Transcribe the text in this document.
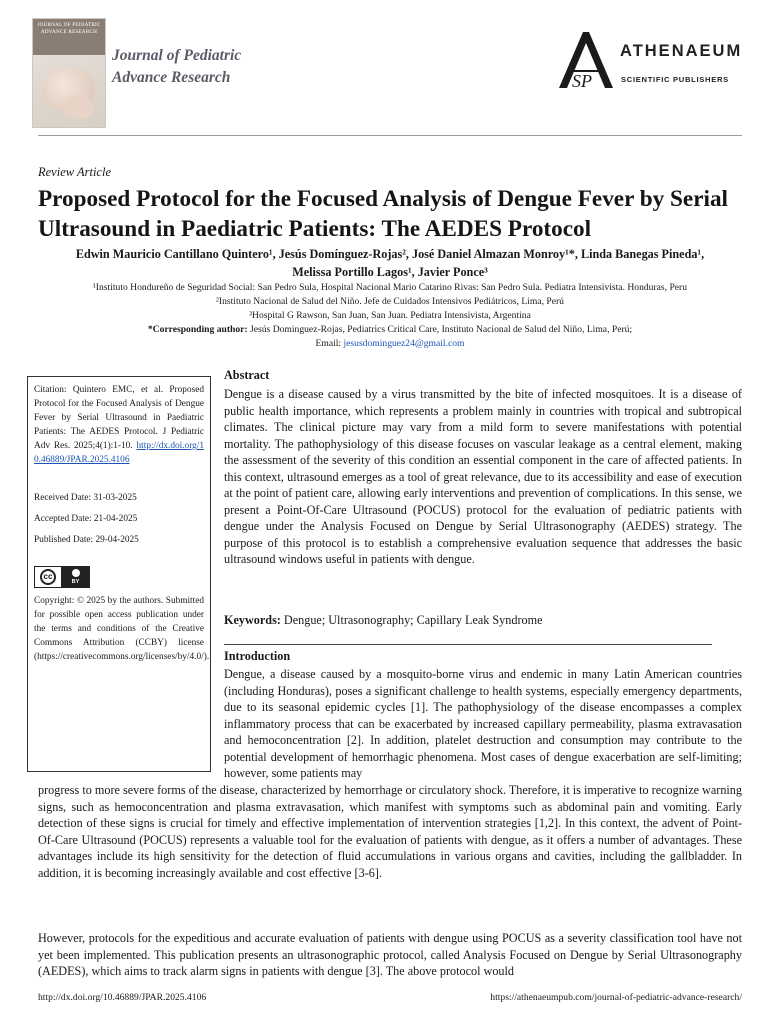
JOURNAL OF PEDIATRIC ADVANCE RESEARCH
Journal of Pediatric
Advance Research	SP
ATHENAEUM
SCIENTIFIC PUBLISHERS
Review Article
Proposed Protocol for the Focused Analysis of Dengue Fever by Serial Ultrasound in Paediatric Patients: The AEDES Protocol
Edwin Mauricio Cantillano Quintero¹, Jesús Domínguez-Rojas², José Daniel Almazan Monroy¹*, Linda Banegas Pineda¹,
Melissa Portillo Lagos¹, Javier Ponce³
¹Instituto Hondureño de Seguridad Social: San Pedro Sula, Hospital Nacional Mario Catarino Rivas: San Pedro Sula. Pediatra Intensivista. Honduras, Peru
²Instituto Nacional de Salud del Niño. Jefe de Cuidados Intensivos Pediátricos, Lima, Perú
³Hospital G Rawson, San Juan, San Juan. Pediatra Intensivista, Argentina
*Corresponding author: Jesús Dominguez-Rojas, Pediatrics Critical Care, Instituto Nacional de Salud del Niño, Lima, Perú;
Email: jesusdominguez24@gmail.com

Citation: Quintero EMC, et al. Proposed Protocol for the Focused Analysis of Dengue Fever by Serial Ultrasound in Paediatric Patients: The AEDES Protocol. J Pediatric Adv Res. 2025;4(1):1-10. http://dx.doi.org/10.46889/JPAR.2025.4106

Received Date: 31-03-2025
Accepted Date: 21-04-2025
Published Date: 29-04-2025
cc
BY

Copyright: © 2025 by the authors. Submitted for possible open access publication under the terms and conditions of the Creative Commons Attribution (CCBY) license (https://creativecommons.org/licenses/by/4.0/).

Abstract
Dengue is a disease caused by a virus transmitted by the bite of infected mosquitoes. It is a disease of public health importance, which represents a problem mainly in countries with tropical and subtropical climates. The clinical picture may vary from a mild form to severe manifestations with potential mortality. The pathophysiology of this disease focuses on vascular leakage as a central element, making the assessment of the severity of this condition an essential component in the care of affected patients. In this context, ultrasound emerges as a tool of great relevance, due to its accessibility and ease of execution at the point of patient care, allowing early interventions and prevention of complications. In this sense, we present a Point-Of-Care Ultrasound (POCUS) protocol for the evaluation of pediatric patients with dengue under the Analysis Focused on Dengue by Serial Ultrasonography (AEDES) strategy. The purpose of this protocol is to establish a comprehensive evaluation sequence that addresses the basic ultrasound windows useful in patients with dengue.
Keywords: Dengue; Ultrasonography; Capillary Leak Syndrome
Introduction
Dengue, a disease caused by a mosquito-borne virus and endemic in many Latin American countries (including Honduras), poses a significant challenge to health systems, especially emergency departments, due to its seasonal epidemic cycles [1]. The pathophysiology of the disease encompasses a complex inflammatory process that can be exacerbated by increased capillary permeability, plasma extravasation and hemoconcentration [2]. In addition, platelet destruction and consumption may contribute to the potential development of hemorrhagic phenomena. Most cases of dengue exacerbation are self-limiting; however, some patients may
progress to more severe forms of the disease, characterized by hemorrhage or circulatory shock. Therefore, it is imperative to recognize warning signs, such as hemoconcentration and plasma extravasation, which manifest with symptoms such as abdominal pain and vomiting. Early detection of these signs is crucial for timely and effective implementation of intervention strategies [1,2]. In this context, the advent of Point-Of-Care Ultrasound (POCUS) represents a valuable tool for the evaluation of patients with dengue, as it offers a number of advantages. These advantages include its high sensitivity for the detection of fluid accumulations in various organs and cavities, including the gallbladder. In addition, it is becoming increasingly available and cost effective [3-6].
However, protocols for the expeditious and accurate evaluation of patients with dengue using POCUS as a severity classification tool have not yet been implemented. This publication presents an ultrasonographic protocol, called Analysis Focused on Dengue by Serial Ultrasonography (AEDES), which aims to track alarm signs in patients with dengue [3]. The above protocol would
http://dx.doi.org/10.46889/JPAR.2025.4106	https://athenaeumpub.com/journal-of-pediatric-advance-research/
